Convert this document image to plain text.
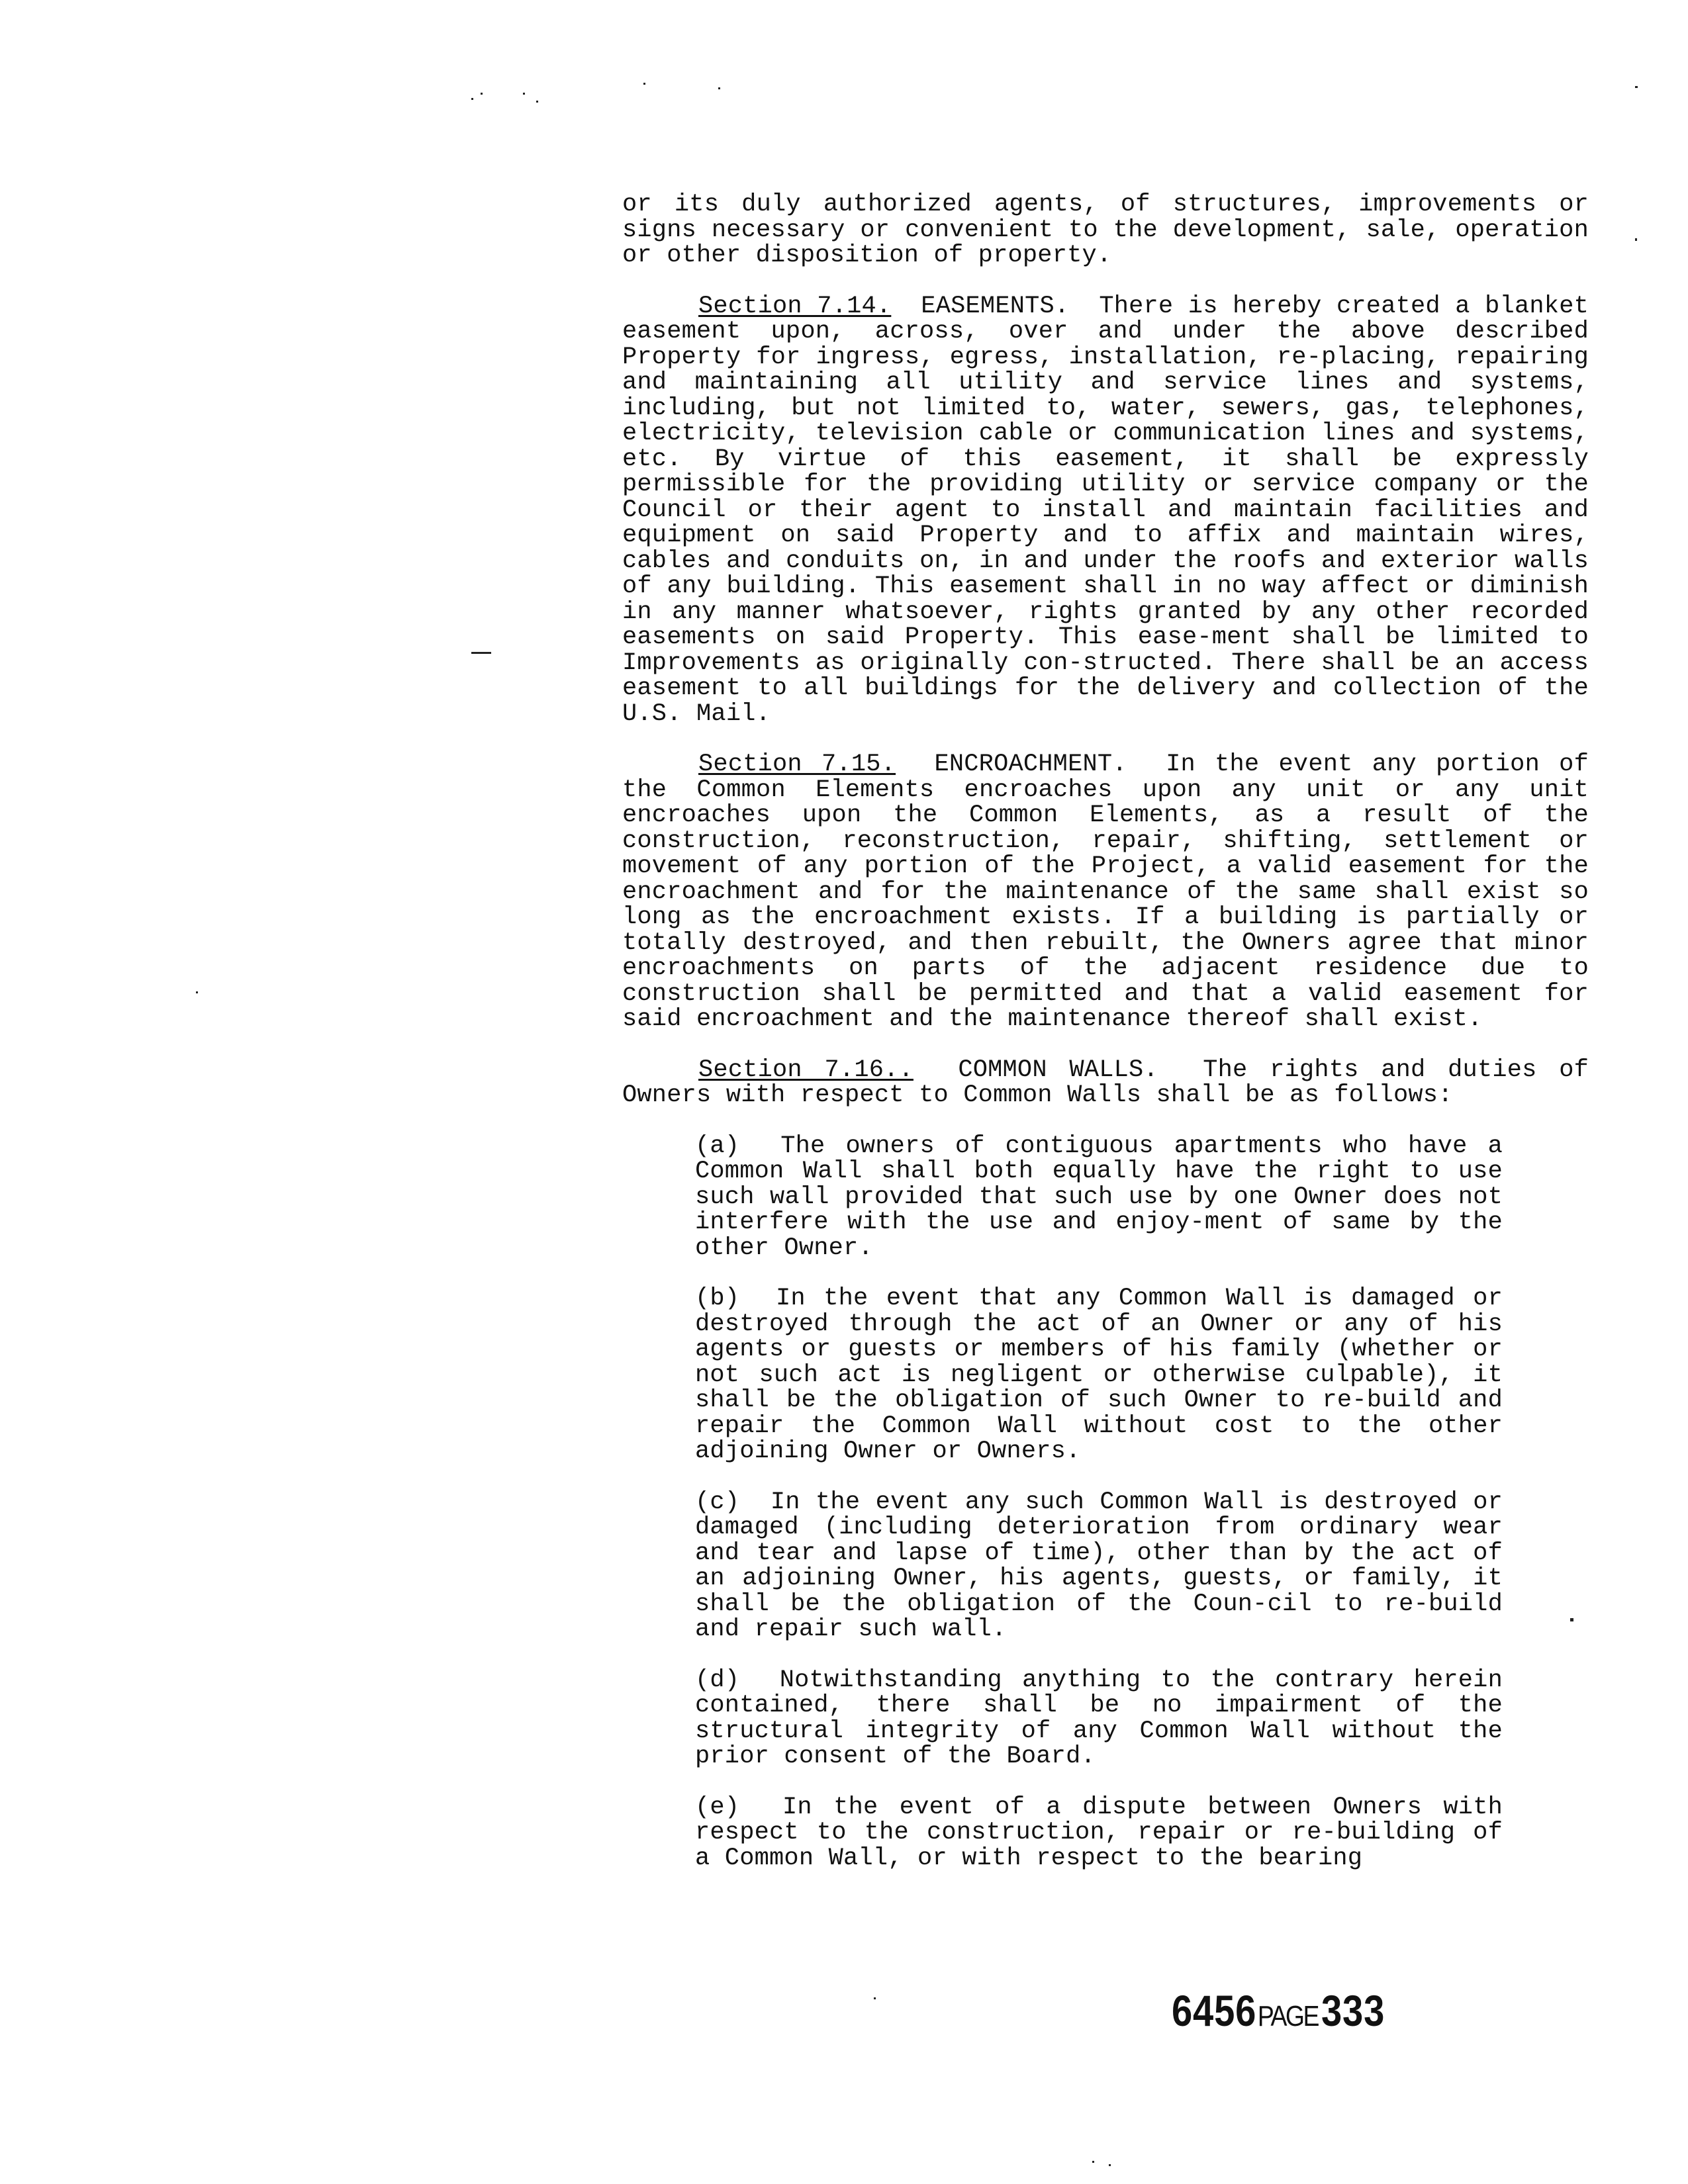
or its duly authorized agents, of structures, improvements or signs necessary or convenient to the development, sale, operation or other disposition of property.

Section 7.14. EASEMENTS. There is hereby created a blanket easement upon, across, over and under the above described Property for ingress, egress, installation, re-placing, repairing and maintaining all utility and service lines and systems, including, but not limited to, water, sewers, gas, telephones, electricity, television cable or communication lines and systems, etc. By virtue of this easement, it shall be expressly permissible for the providing utility or service company or the Council or their agent to install and maintain facilities and equipment on said Property and to affix and maintain wires, cables and conduits on, in and under the roofs and exterior walls of any building. This easement shall in no way affect or diminish in any manner whatsoever, rights granted by any other recorded easements on said Property. This ease-ment shall be limited to Improvements as originally con-structed. There shall be an access easement to all buildings for the delivery and collection of the U.S. Mail.

Section 7.15. ENCROACHMENT. In the event any portion of the Common Elements encroaches upon any unit or any unit encroaches upon the Common Elements, as a result of the construction, reconstruction, repair, shifting, settlement or movement of any portion of the Project, a valid easement for the encroachment and for the maintenance of the same shall exist so long as the encroachment exists. If a building is partially or totally destroyed, and then rebuilt, the Owners agree that minor encroachments on parts of the adjacent residence due to construction shall be permitted and that a valid easement for said encroachment and the maintenance thereof shall exist.

Section 7.16.. COMMON WALLS. The rights and duties of Owners with respect to Common Walls shall be as follows:

(a) The owners of contiguous apartments who have a Common Wall shall both equally have the right to use such wall provided that such use by one Owner does not interfere with the use and enjoy-ment of same by the other Owner.

(b) In the event that any Common Wall is damaged or destroyed through the act of an Owner or any of his agents or guests or members of his family (whether or not such act is negligent or otherwise culpable), it shall be the obligation of such Owner to re-build and repair the Common Wall without cost to the other adjoining Owner or Owners.

(c) In the event any such Common Wall is destroyed or damaged (including deterioration from ordinary wear and tear and lapse of time), other than by the act of an adjoining Owner, his agents, guests, or family, it shall be the obligation of the Coun-cil to re-build and repair such wall.

(d) Notwithstanding anything to the contrary herein contained, there shall be no impairment of the structural integrity of any Common Wall without the prior consent of the Board.

(e) In the event of a dispute between Owners with respect to the construction, repair or re-building of a Common Wall, or with respect to the bearing

6456PAGE333
